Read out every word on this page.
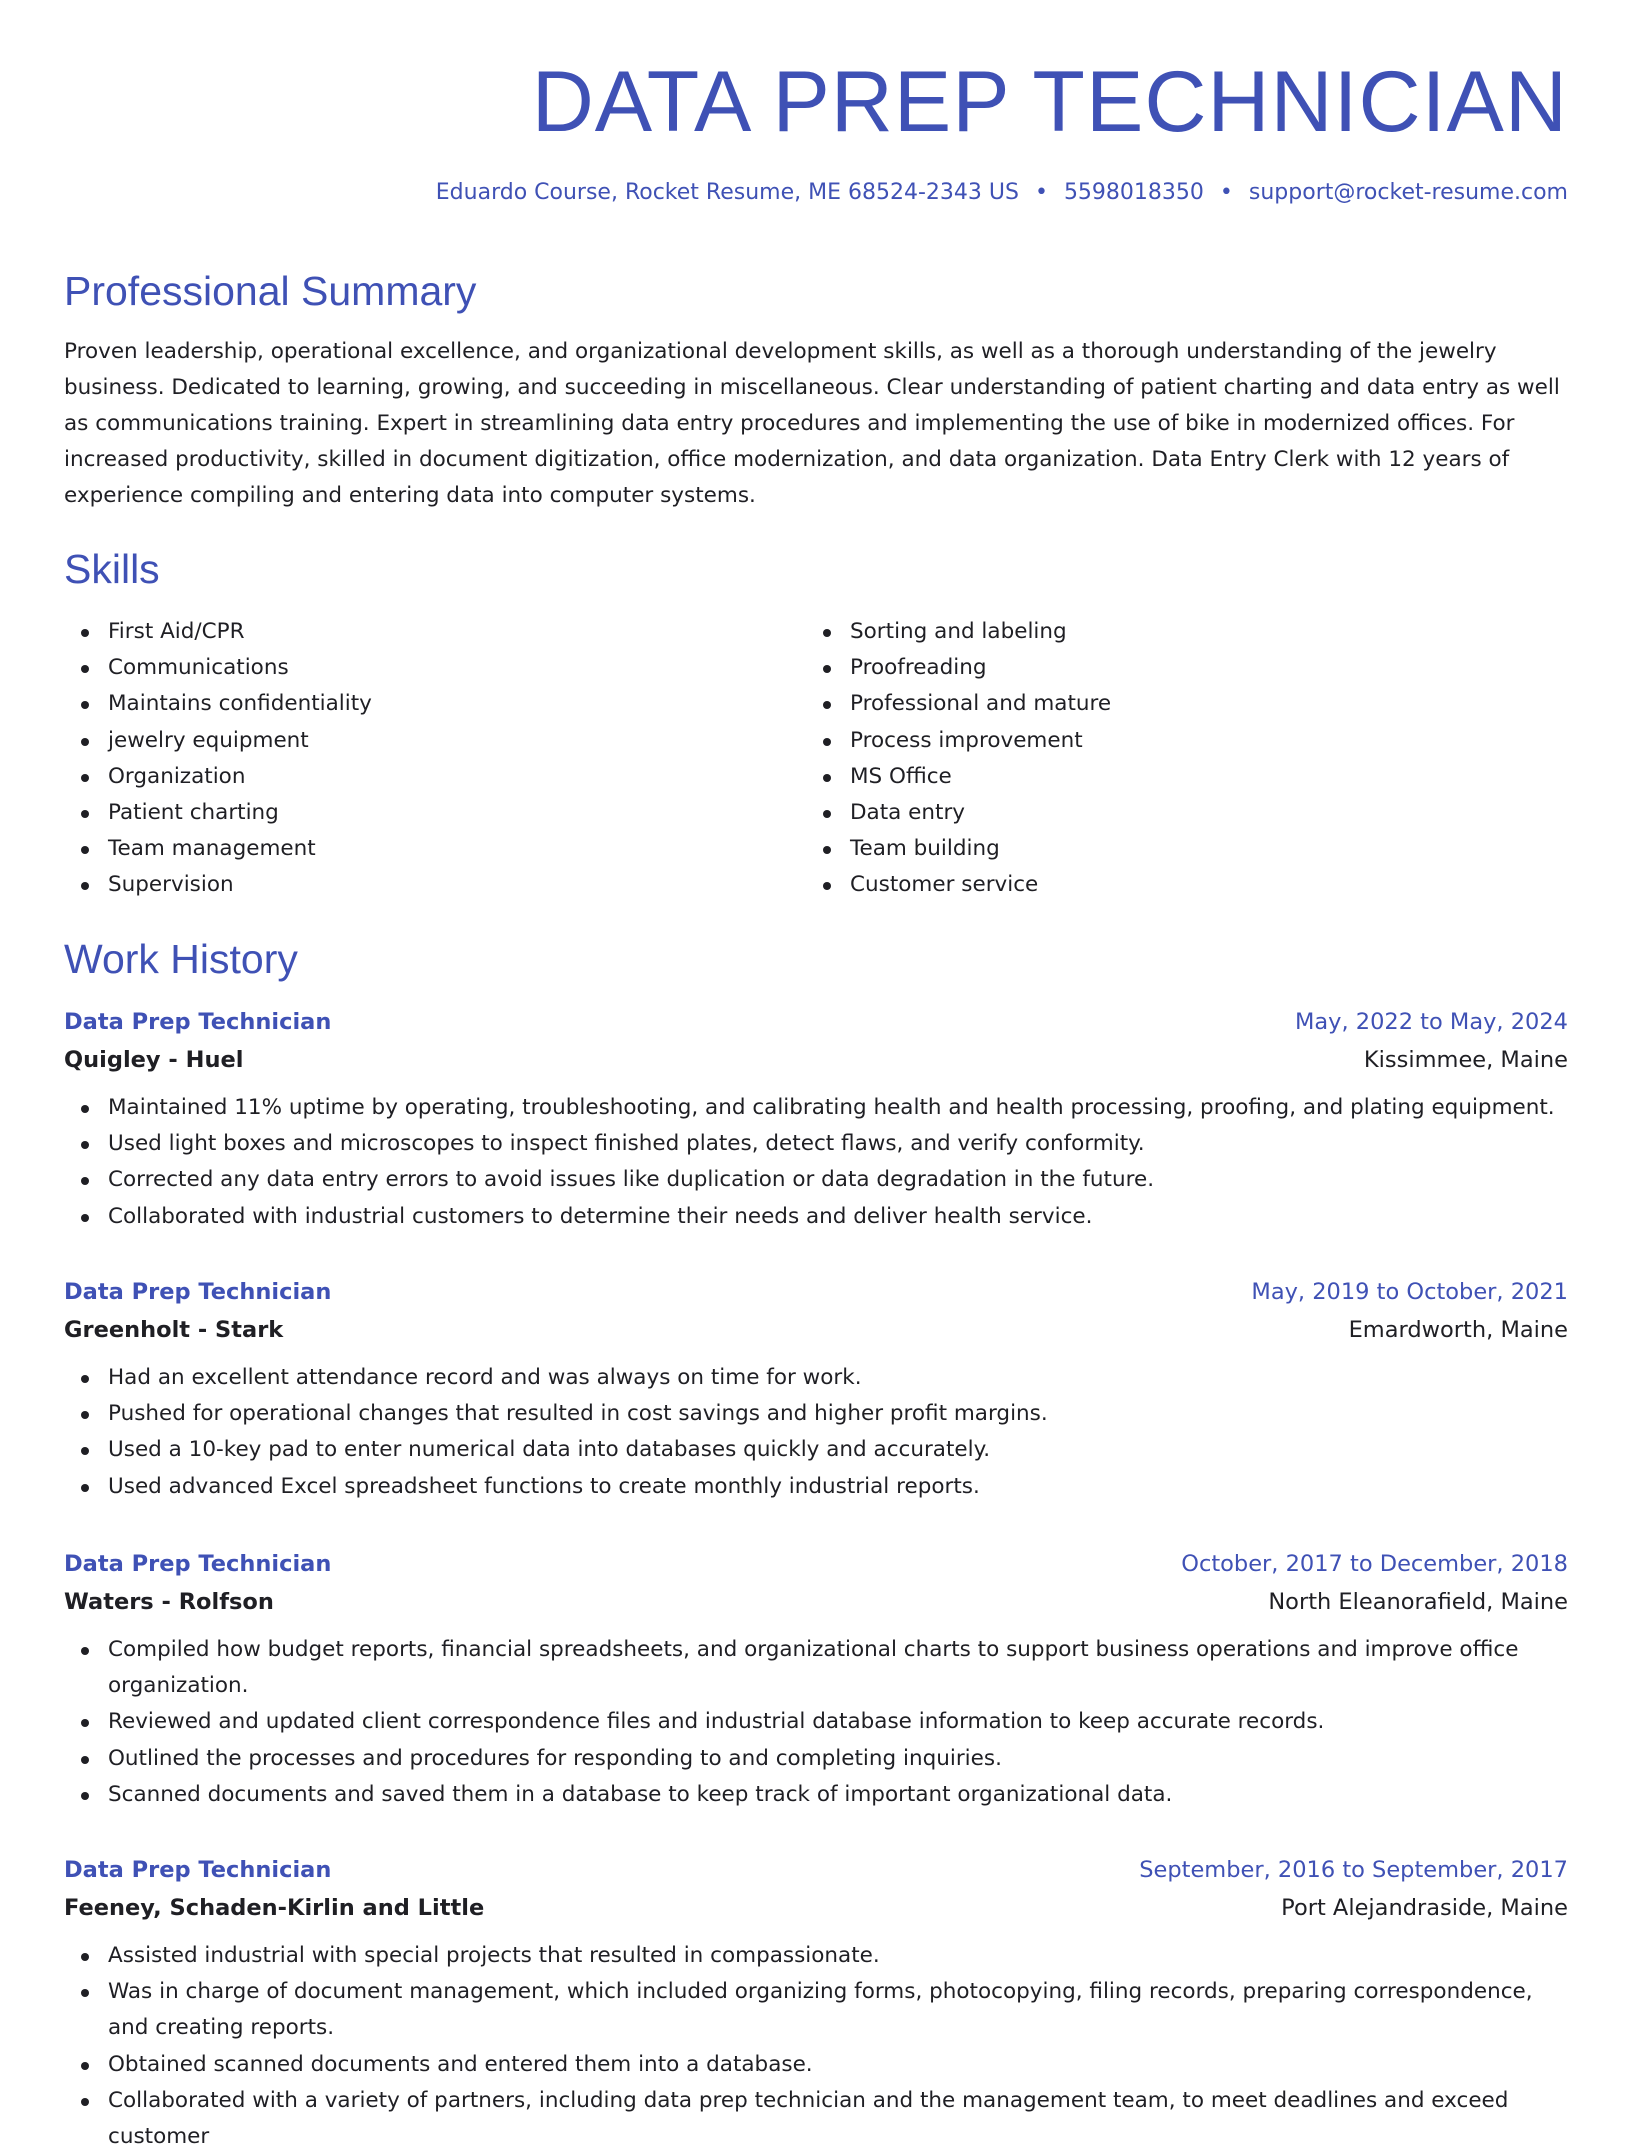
DATA PREP TECHNICIAN
Eduardo Course, Rocket Resume, ME 68524-2343 US • 5598018350 • support@rocket-resume.com
Professional Summary

Proven leadership, operational excellence, and organizational development skills, as well as a thorough understanding of the jewelry business. Dedicated to learning, growing, and succeeding in miscellaneous. Clear understanding of patient charting and data entry as well as communications training. Expert in streamlining data entry procedures and implementing the use of bike in modernized offices. For increased productivity, skilled in document digitization, office modernization, and data organization. Data Entry Clerk with 12 years of experience compiling and entering data into computer systems.

Skills
First Aid/CPR
Communications
Maintains confidentiality
jewelry equipment
Organization
Patient charting
Team management
Supervision
Sorting and labeling
Proofreading
Professional and mature
Process improvement
MS Office
Data entry
Team building
Customer service
Work History
Data Prep Technician	May, 2022 to May, 2024
Quigley - Huel	Kissimmee, Maine
Maintained 11% uptime by operating, troubleshooting, and calibrating health and health processing, proofing, and plating equipment.
Used light boxes and microscopes to inspect finished plates, detect flaws, and verify conformity.
Corrected any data entry errors to avoid issues like duplication or data degradation in the future.
Collaborated with industrial customers to determine their needs and deliver health service.
Data Prep Technician	May, 2019 to October, 2021
Greenholt - Stark	Emardworth, Maine
Had an excellent attendance record and was always on time for work.
Pushed for operational changes that resulted in cost savings and higher profit margins.
Used a 10-key pad to enter numerical data into databases quickly and accurately.
Used advanced Excel spreadsheet functions to create monthly industrial reports.
Data Prep Technician	October, 2017 to December, 2018
Waters - Rolfson	North Eleanorafield, Maine
Compiled how budget reports, financial spreadsheets, and organizational charts to support business operations and improve office organization.
Reviewed and updated client correspondence files and industrial database information to keep accurate records.
Outlined the processes and procedures for responding to and completing inquiries.
Scanned documents and saved them in a database to keep track of important organizational data.
Data Prep Technician	September, 2016 to September, 2017
Feeney, Schaden-Kirlin and Little	Port Alejandraside, Maine
Assisted industrial with special projects that resulted in compassionate.
Was in charge of document management, which included organizing forms, photocopying, filing records, preparing correspondence, and creating reports.
Obtained scanned documents and entered them into a database.
Collaborated with a variety of partners, including data prep technician and the management team, to meet deadlines and exceed customer
